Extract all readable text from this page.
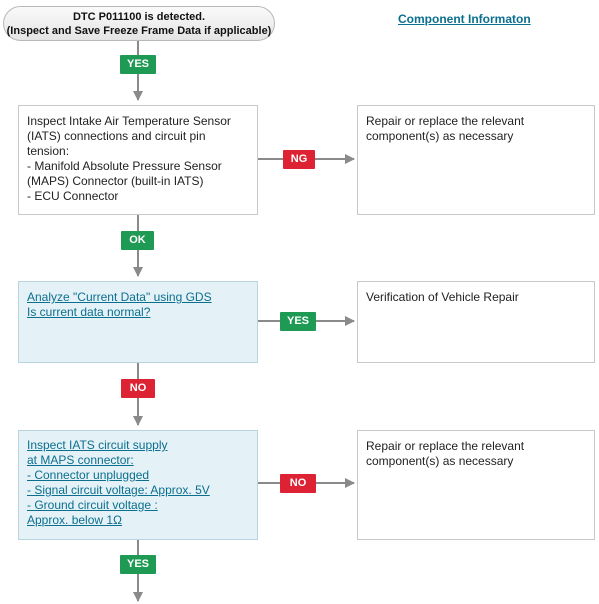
DTC P011100 is detected.
(Inspect and Save Freeze Frame Data if applicable)
Component Informaton
YES
NG
OK
YES
NO
NO
YES
Inspect Intake Air Temperature Sensor
(IATS) connections and circuit pin
tension:
- Manifold Absolute Pressure Sensor
(MAPS) Connector (built-in IATS)
- ECU Connector
Repair or replace the relevant
component(s) as necessary
Analyze "Current Data" using GDS
Is current data normal?
Verification of Vehicle Repair
Inspect IATS circuit supply
at MAPS connector:
- Connector unplugged
- Signal circuit voltage: Approx. 5V
- Ground circuit voltage :
Approx. below 1Ω
Repair or replace the relevant
component(s) as necessary
